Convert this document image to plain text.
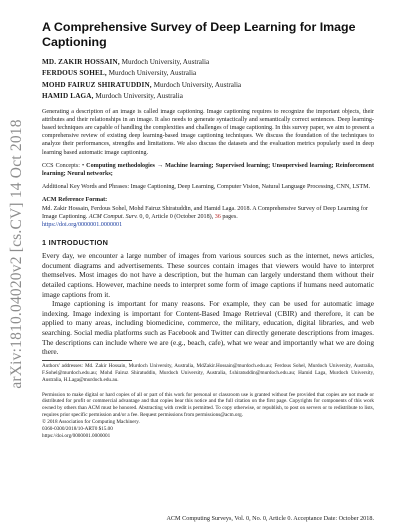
arXiv:1810.04020v2 [cs.CV] 14 Oct 2018
A Comprehensive Survey of Deep Learning for Image Captioning
MD. ZAKIR HOSSAIN, Murdoch University, Australia
FERDOUS SOHEL, Murdoch University, Australia
MOHD FAIRUZ SHIRATUDDIN, Murdoch University, Australia
HAMID LAGA, Murdoch University, Australia

Generating a description of an image is called image captioning. Image captioning requires to recognize the important objects, their attributes and their relationships in an image. It also needs to generate syntactically and semantically correct sentences. Deep learning-based techniques are capable of handling the complexities and challenges of image captioning. In this survey paper, we aim to present a comprehensive review of existing deep learning-based image captioning techniques. We discuss the foundation of the techniques to analyze their performances, strengths and limitations. We also discuss the datasets and the evaluation metrics popularly used in deep learning based automatic image captioning.

CCS Concepts: • Computing methodologies → Machine learning; Supervised learning; Unsupervised learning; Reinforcement learning; Neural networks;

Additional Key Words and Phrases: Image Captioning, Deep Learning, Computer Vision, Natural Language Processing, CNN, LSTM.

ACM Reference Format:
Md. Zakir Hossain, Ferdous Sohel, Mohd Fairuz Shiratuddin, and Hamid Laga. 2018. A Comprehensive Survey of Deep Learning for Image Captioning. ACM Comput. Surv. 0, 0, Article 0 (October 2018), 36 pages.
https://doi.org/0000001.0000001
1 INTRODUCTION

Every day, we encounter a large number of images from various sources such as the internet, news articles, document diagrams and advertisements. These sources contain images that viewers would have to interpret themselves. Most images do not have a description, but the human can largely understand them without their detailed captions. However, machine needs to interpret some form of image captions if humans need automatic image captions from it.

Image captioning is important for many reasons. For example, they can be used for automatic image indexing. Image indexing is important for Content-Based Image Retrieval (CBIR) and therefore, it can be applied to many areas, including biomedicine, commerce, the military, education, digital libraries, and web searching. Social media platforms such as Facebook and Twitter can directly generate descriptions from images. The descriptions can include where we are (e.g., beach, cafe), what we wear and importantly what we are doing there.

Authors' addresses: Md. Zakir Hossain, Murdoch University, Australia, MdZakir.Hossain@murdoch.edu.au; Ferdous Sohel, Murdoch University, Australia, F.Sohel@murdoch.edu.au; Mohd Fairuz Shiratuddin, Murdoch University, Australia, f.shiratuddin@murdoch.edu.au; Hamid Laga, Murdoch University, Australia, H.Laga@murdoch.edu.au.

Permission to make digital or hard copies of all or part of this work for personal or classroom use is granted without fee provided that copies are not made or distributed for profit or commercial advantage and that copies bear this notice and the full citation on the first page. Copyrights for components of this work owned by others than ACM must be honored. Abstracting with credit is permitted. To copy otherwise, or republish, to post on servers or to redistribute to lists, requires prior specific permission and/or a fee. Request permissions from permissions@acm.org.
© 2018 Association for Computing Machinery.
0360-0300/2018/10-ART0 $15.00
https://doi.org/0000001.0000001
ACM Computing Surveys, Vol. 0, No. 0, Article 0. Acceptance Date: October 2018.
